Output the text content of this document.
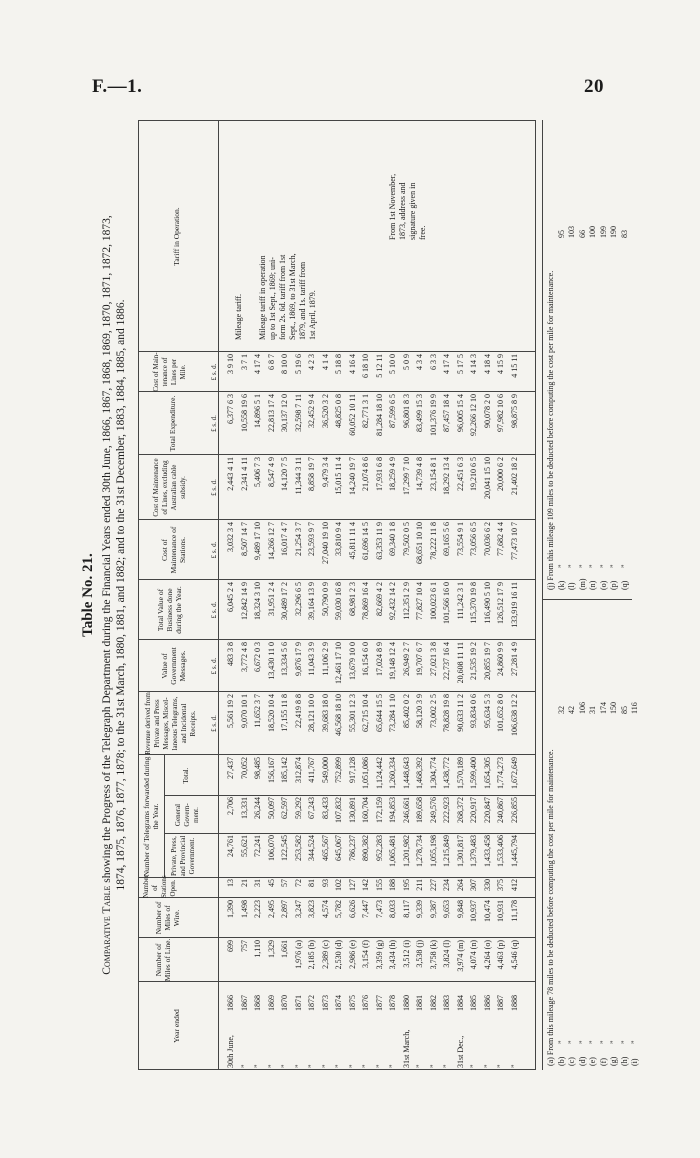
F.—1.	20
Table No. 21.
Comparative Table showing the Progress of the Telegraph Department during the Financial Years ended 30th June, 1866, 1867, 1868, 1869, 1870, 1871, 1872, 1873, 1874, 1875, 1876, 1877, 1878; to the 31st March, 1880, 1881, and 1882; and to the 31st December, 1883, 1884, 1885, and 1886.
Year ended
Number of Miles of Line.
Number of Miles of Wire.
Number of Stations Open.
Number of Telegrams forwarded during the Year.
Private, Press, and Provincial Government.
General Govern-ment.
Total.
Revenue derived from Private and Press Messages, Miscel-laneous Telegrams, and Incidental Receipts.
Value of Government Messages.
Total Value of Business done during the Year.
Cost of Maintenance of Stations.
Cost of Maintenance of Lines, excluding Australian cable subsidy.
Total Expenditure.
Cost of Main-tenance of Lines per Mile.
Tariff in Operation.
£ s. d.
£ s. d.
£ s. d.
£ s. d.
£ s. d.
£ s. d.
£ s. d.
30th June,
1866
699
1,390
13
24,761
2,706
27,437
5,561 19 2
483 3 8
6,045 2 4
3,032 3 4
2,443 4 11
6,377 6 3
3 9 10
”
1867
757
1,498
21
55,621
13,331
70,052
9,070 10 1
3,772 4 8
12,842 14 9
8,507 14 7
2,341 4 11
10,558 19 6
3 7 1
”
1868
1,110
2,223
31
72,241
26,244
98,485
11,652 3 7
6,672 0 3
18,324 3 10
9,489 17 10
5,406 7 3
14,896 5 1
4 17 4
”
1869
1,329
2,495
45
106,070
50,097
156,167
18,520 10 4
13,430 11 0
31,951 2 4
14,266 12 7
8,547 4 9
22,813 17 4
6 8 7
”
1870
1,661
2,897
57
122,545
62,597
185,142
17,155 11 8
13,334 5 6
30,489 17 2
16,017 4 7
14,120 7 5
30,137 12 0
8 10 0
”
1871
1,976 (a)
3,247
72
253,582
59,292
312,874
22,419 8 8
9,876 17 9
32,296 6 5
21,254 3 7
11,344 3 11
32,598 7 11
5 19 6
”
1872
2,185 (b)
3,823
81
344,524
67,243
411,767
28,121 10 0
11,043 3 9
39,164 13 9
23,593 9 7
8,858 19 7
32,452 9 4
4 2 3
”
1873
2,389 (c)
4,574
93
465,567
83,433
549,000
39,683 18 0
11,106 2 9
50,790 0 9
27,040 19 10
9,479 3 4
36,520 3 2
4 1 4
”
1874
2,530 (d)
5,782
102
645,067
107,832
752,899
46,568 18 10
12,461 17 10
59,030 16 8
33,810 9 4
15,015 11 4
48,825 0 8
5 18 8
”
1875
2,986 (e)
6,626
127
786,237
130,891
917,128
55,301 12 3
13,679 10 0
68,981 2 3
45,811 11 4
14,240 19 7
60,052 10 11
4 16 4
”
1876
3,154 (f)
7,447
142
890,382
160,704
1,051,086
62,715 10 4
16,154 6 0
78,869 16 4
61,696 14 5
21,074 8 6
82,771 3 1
6 18 10
”
1877
3,359 (g)
7,473
155
952,283
172,159
1,124,442
65,644 15 5
17,024 8 9
82,669 4 2
63,353 11 9
17,931 6 8
81,284 18 10
5 12 11
”
1878
3,434 (h)
8,033
188
1,065,481
194,853
1,260,334
73,284 1 10
19,148 12 4
92,432 14 2
69,340 1 8
18,259 4 9
87,599 6 5
5 10 0
31st March,
1880
3,512 (i)
8,117
195
1,201,982
246,661
1,448,643
85,402 0 2
26,949 2 7
112,351 2 9
79,502 0 5
17,299 7 10
96,801 8 3
5 0 9
”
1881
3,538 (j)
9,339
211
1,278,734
189,658
1,468,392
58,120 3 9
19,707 6 7
77,827 10 4
68,651 10 10
14,739 4 8
83,499 15 3
4 3 4
”
1882
3,758 (k)
9,387
227
1,055,198
249,576
1,304,774
73,002 2 5
27,021 3 8
100,023 6 1
78,222 11 8
23,154 8 1
101,376 19 9
6 3 3
”
1883
3,824 (l)
9,653
234
1,215,849
222,923
1,438,772
78,828 19 8
22,737 16 4
101,566 16 0
69,165 5 6
18,292 13 4
87,457 18 4
4 17 4
31st Dec.,
1884
3,974 (m)
9,848
264
1,301,817
268,372
1,570,189
90,633 11 2
20,608 11 11
111,242 3 1
73,554 9 1
22,451 6 3
96,005 15 4
5 17 5
”
1885
4,074 (n)
10,937
307
1,379,483
220,917
1,599,400
93,834 0 6
21,535 19 2
115,370 19 8
73,056 6 5
19,210 6 5
92,266 12 10
4 14 3
”
1886
4,264 (o)
10,474
330
1,433,458
220,847
1,654,305
95,634 5 3
20,855 19 7
116,490 5 10
70,036 6 2
20,041 15 10
90,078 2 0
4 18 4
”
1887
4,463 (p)
10,931
375
1,533,406
240,867
1,774,273
101,652 8 0
24,860 9 9
126,512 17 9
77,682 4 4
20,000 6 2
97,982 10 6
4 15 9
”
1888
4,546 (q)
11,178
412
1,445,794
226,855
1,672,649
106,638 12 2
27,281 4 9
133,919 16 11
77,473 10 7
21,402 18 2
98,875 8 9
4 15 11
Mileage tariff. Mileage tariff in operation up to 1st Sept., 1869; uni- form 2s. 6d. tariff from 1st Sept., 1869, to 31st March, 1879, and 1s. tariff from 1st April, 1879.
From 1st November, 1873, address and signature given in free.
(a) From this mileage 78 miles to be deducted before computing the cost per mile for maintenance. (b)”32
(c)”42
(d)”106
(e)”31
(f)”174
(g)”150
(h)”85
(i)”116
(j) From this mileage 109 miles to be deducted before computing the cost per mile for maintenance. (k)”95
(l)”103
(m)”66
(n)”100
(o)”199
(p)”190
(q)”83
